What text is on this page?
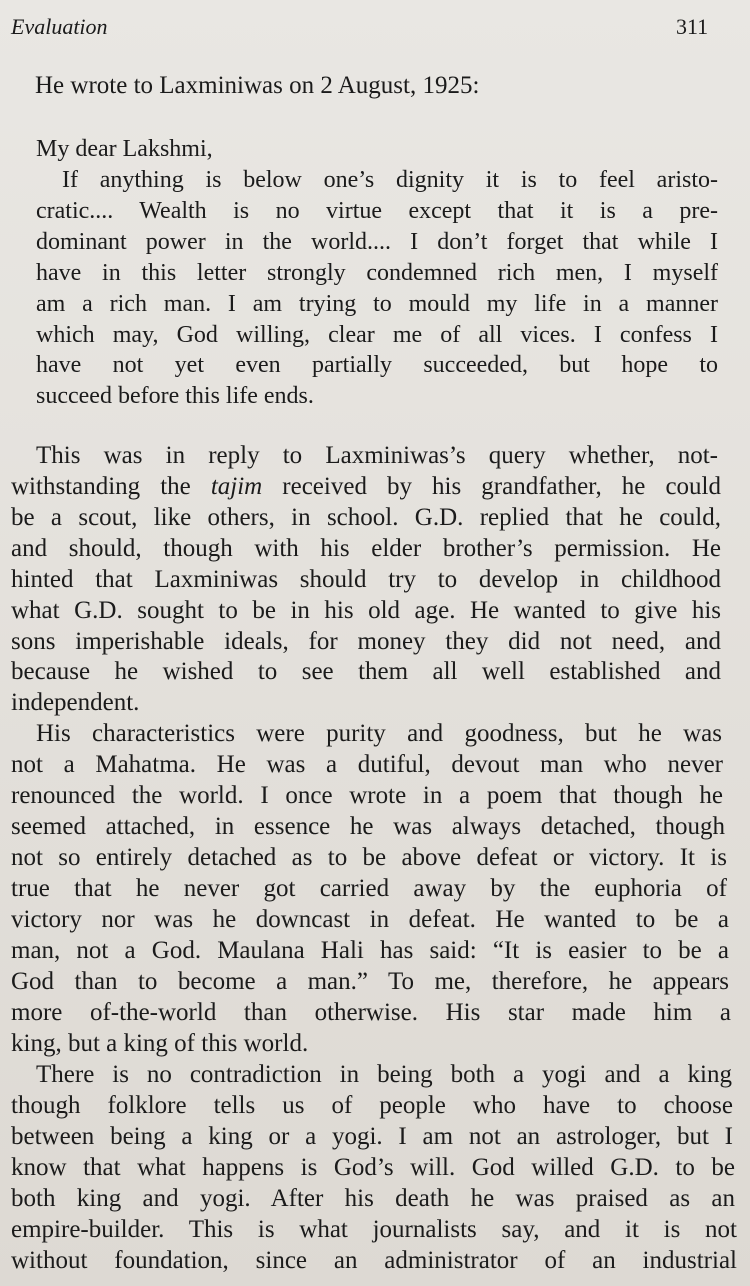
Evaluation	311

He wrote to Laxminiwas on 2 August, 1925:

My dear Lakshmi,

If anything is below one’s dignity it is to feel aristo-

cratic.... Wealth is no virtue except that it is a pre-

dominant power in the world.... I don’t forget that while I

have in this letter strongly condemned rich men, I myself

am a rich man. I am trying to mould my life in a manner

which may, God willing, clear me of all vices. I confess I

have not yet even partially succeeded, but hope to

succeed before this life ends.

This was in reply to Laxminiwas’s query whether, not-

withstanding the tajim received by his grandfather, he could

be a scout, like others, in school. G.D. replied that he could,

and should, though with his elder brother’s permission. He

hinted that Laxminiwas should try to develop in childhood

what G.D. sought to be in his old age. He wanted to give his

sons imperishable ideals, for money they did not need, and

because he wished to see them all well established and

independent.

His characteristics were purity and goodness, but he was

not a Mahatma. He was a dutiful, devout man who never

renounced the world. I once wrote in a poem that though he

seemed attached, in essence he was always detached, though

not so entirely detached as to be above defeat or victory. It is

true that he never got carried away by the euphoria of

victory nor was he downcast in defeat. He wanted to be a

man, not a God. Maulana Hali has said: “It is easier to be a

God than to become a man.” To me, therefore, he appears

more of-the-world than otherwise. His star made him a

king, but a king of this world.

There is no contradiction in being both a yogi and a king

though folklore tells us of people who have to choose

between being a king or a yogi. I am not an astrologer, but I

know that what happens is God’s will. God willed G.D. to be

both king and yogi. After his death he was praised as an

empire-builder. This is what journalists say, and it is not

without foundation, since an administrator of an industrial
